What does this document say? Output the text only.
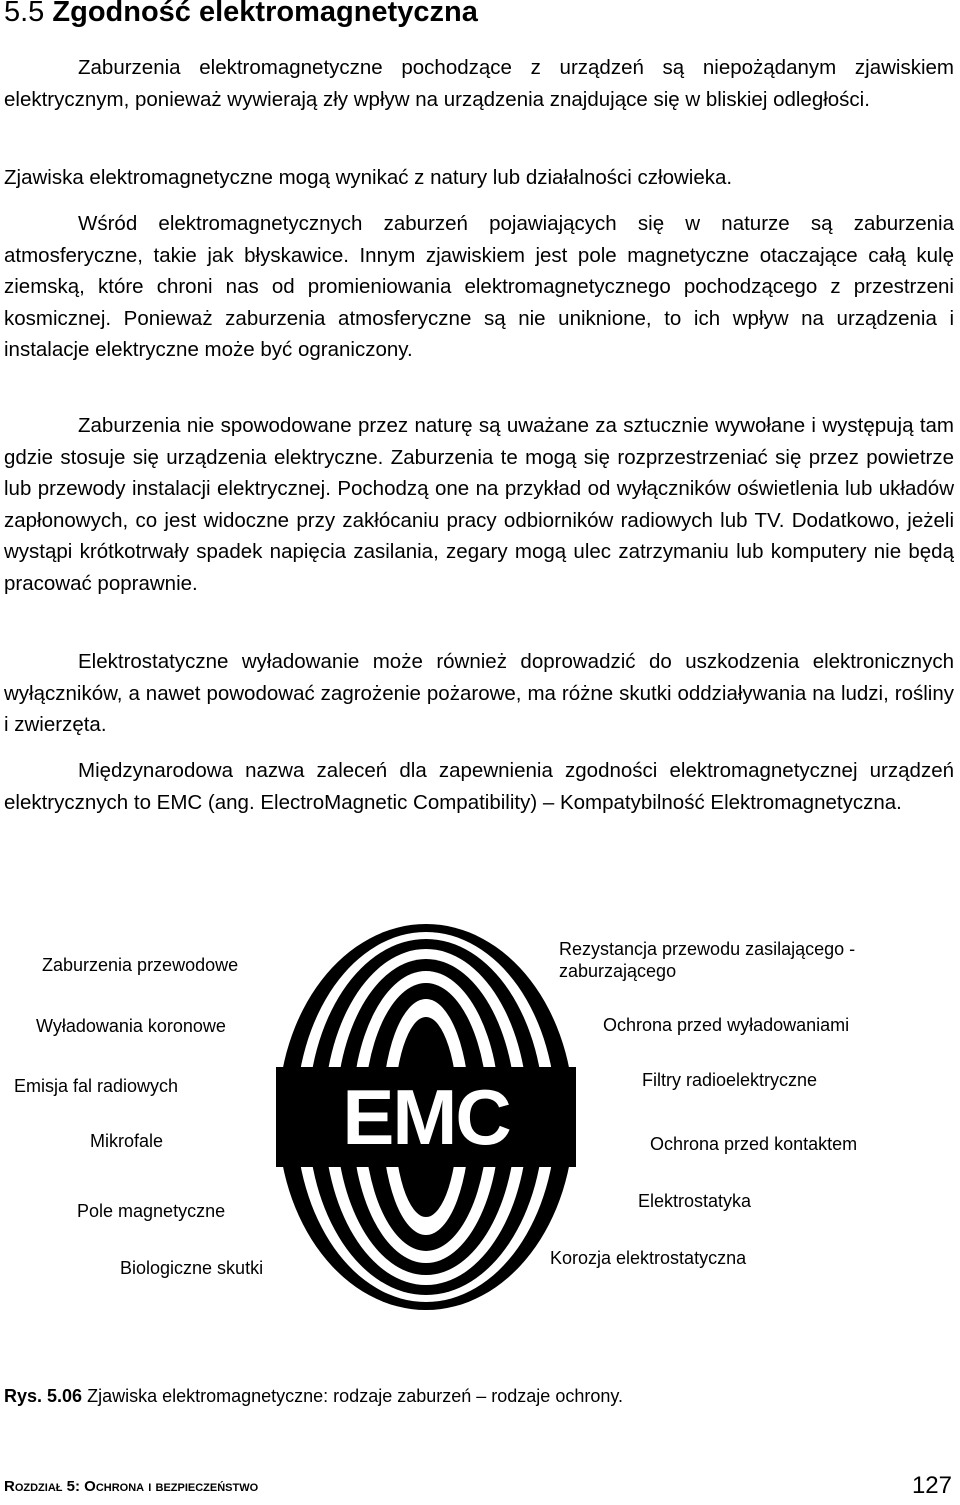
5.5 Zgodność elektromagnetyczna

Zaburzenia elektromagnetyczne pochodzące z urządzeń są niepożądanym zjawiskiem elektrycznym, ponieważ wywierają zły wpływ na urządzenia znajdujące się w bliskiej odległości.

Zjawiska elektromagnetyczne mogą wynikać z natury lub działalności człowieka.

Wśród elektromagnetycznych zaburzeń pojawiających się w naturze są zaburzenia atmosferyczne, takie jak błyskawice. Innym zjawiskiem jest pole magnetyczne otaczające całą kulę ziemską, które chroni nas od promieniowania elektromagnetycznego pochodzącego z przestrzeni kosmicznej. Ponieważ zaburzenia atmosferyczne są nie uniknione, to ich wpływ na urządzenia i instalacje elektryczne może być ograniczony.

Zaburzenia nie spowodowane przez naturę są uważane za sztucznie wywołane i występują tam gdzie stosuje się urządzenia elektryczne. Zaburzenia te mogą się rozprzestrzeniać się przez powietrze lub przewody instalacji elektrycznej. Pochodzą one na przykład od wyłączników oświetlenia lub układów zapłonowych, co jest widoczne przy zakłócaniu pracy odbiorników radiowych lub TV. Dodatkowo, jeżeli wystąpi krótkotrwały spadek napięcia zasilania, zegary mogą ulec zatrzymaniu lub komputery nie będą pracować poprawnie.

Elektrostatyczne wyładowanie może również doprowadzić do uszkodzenia elektronicznych wyłączników, a nawet powodować zagrożenie pożarowe, ma różne skutki oddziaływania na ludzi, rośliny i zwierzęta.

Międzynarodowa nazwa zaleceń dla zapewnienia zgodności elektromagnetycznej urządzeń elektrycznych to EMC (ang. ElectroMagnetic Compatibility) – Kompatybilność Elektromagnetyczna.

Zaburzenia przewodowe
Wyładowania koronowe
Emisja fal radiowych
Mikrofale
Pole magnetyczne
Biologiczne skutki
Rezystancja przewodu zasilającego - zaburzającego
Ochrona przed wyładowaniami
Filtry radioelektryczne
Ochrona przed kontaktem
Elektrostatyka
Korozja elektrostatyczna
EMC
Rys. 5.06 Zjawiska elektromagnetyczne: rodzaje zaburzeń – rodzaje ochrony.
Rozdział 5: Ochrona i bezpieczeństwo	127
